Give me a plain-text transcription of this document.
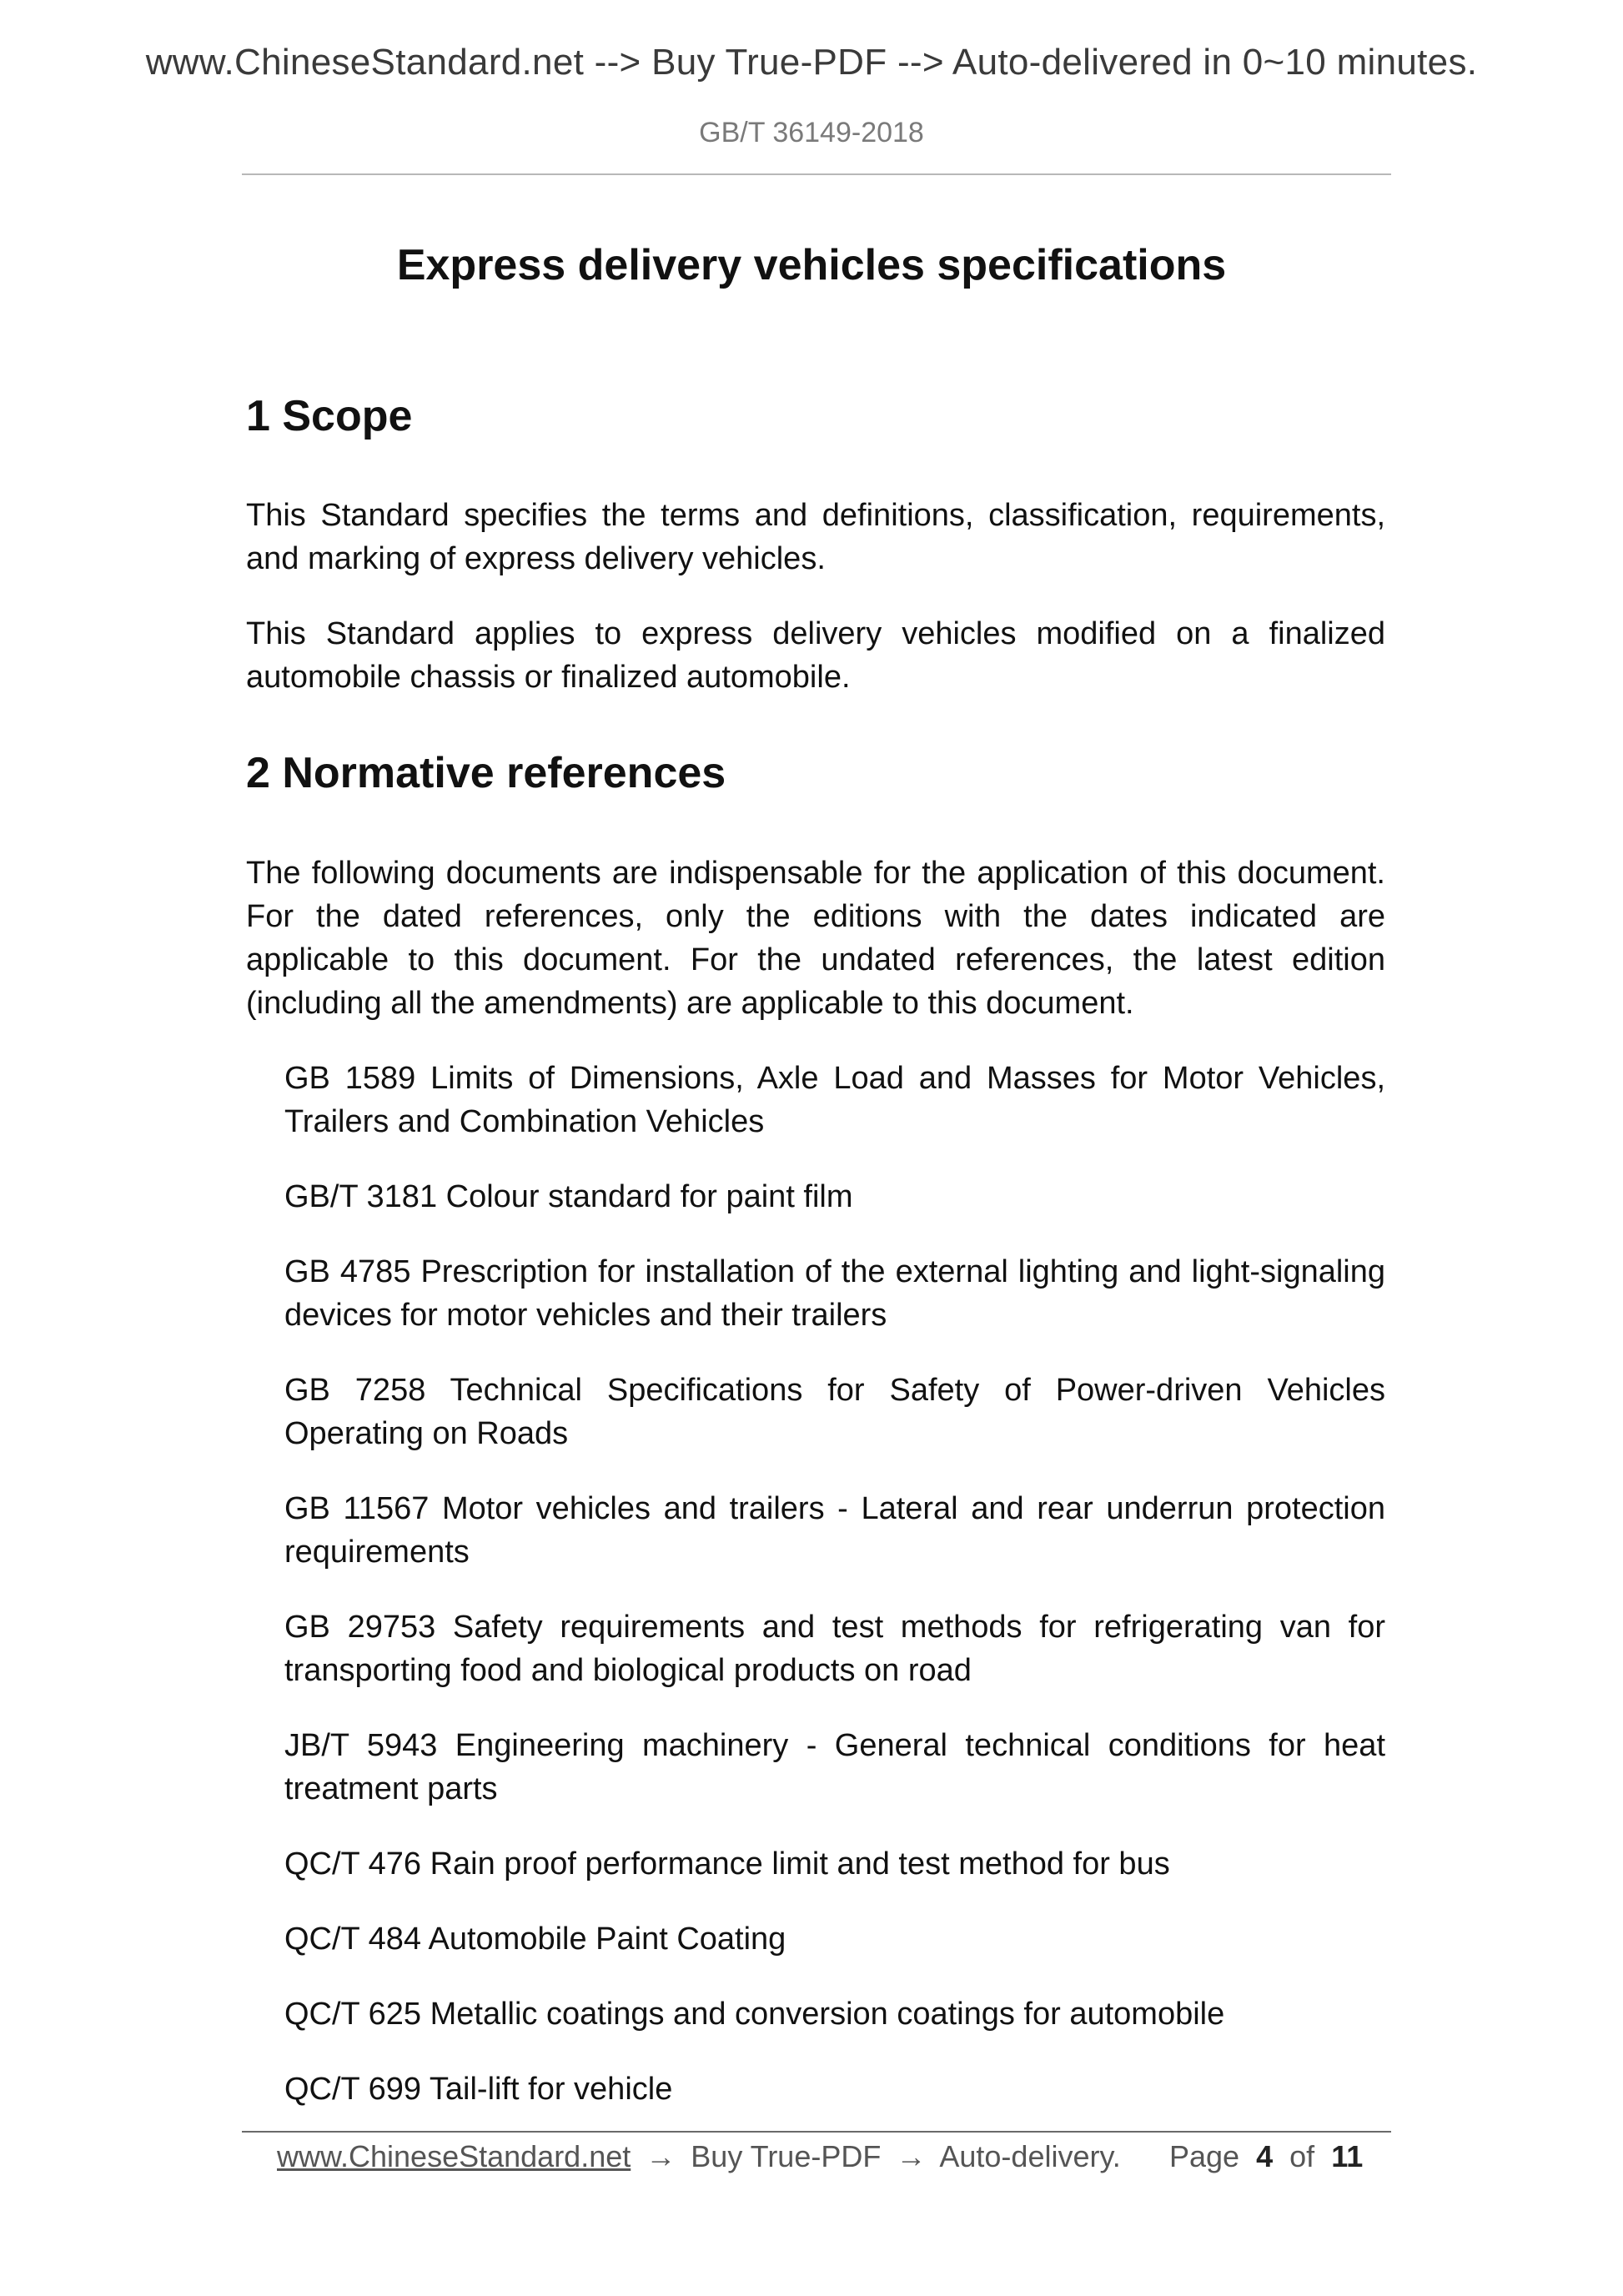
www.ChineseStandard.net --> Buy True-PDF --> Auto-delivered in 0~10 minutes.
GB/T 36149-2018
Express delivery vehicles specifications
1 Scope

This Standard specifies the terms and definitions, classification, requirements, and marking of express delivery vehicles.

This Standard applies to express delivery vehicles modified on a finalized automobile chassis or finalized automobile.

2 Normative references

The following documents are indispensable for the application of this document. For the dated references, only the editions with the dates indicated are applicable to this document. For the undated references, the latest edition (including all the amendments) are applicable to this document.

GB 1589 Limits of Dimensions, Axle Load and Masses for Motor Vehicles, Trailers and Combination Vehicles

GB/T 3181 Colour standard for paint film

GB 4785 Prescription for installation of the external lighting and light-signaling devices for motor vehicles and their trailers

GB 7258 Technical Specifications for Safety of Power-driven Vehicles Operating on Roads

GB 11567 Motor vehicles and trailers - Lateral and rear underrun protection requirements

GB 29753 Safety requirements and test methods for refrigerating van for transporting food and biological products on road

JB/T 5943 Engineering machinery - General technical conditions for heat treatment parts

QC/T 476 Rain proof performance limit and test method for bus

QC/T 484 Automobile Paint Coating

QC/T 625 Metallic coatings and conversion coatings for automobile

QC/T 699 Tail-lift for vehicle

www.ChineseStandard.net → Buy True-PDF → Auto-delivery. Page 4 of 11
